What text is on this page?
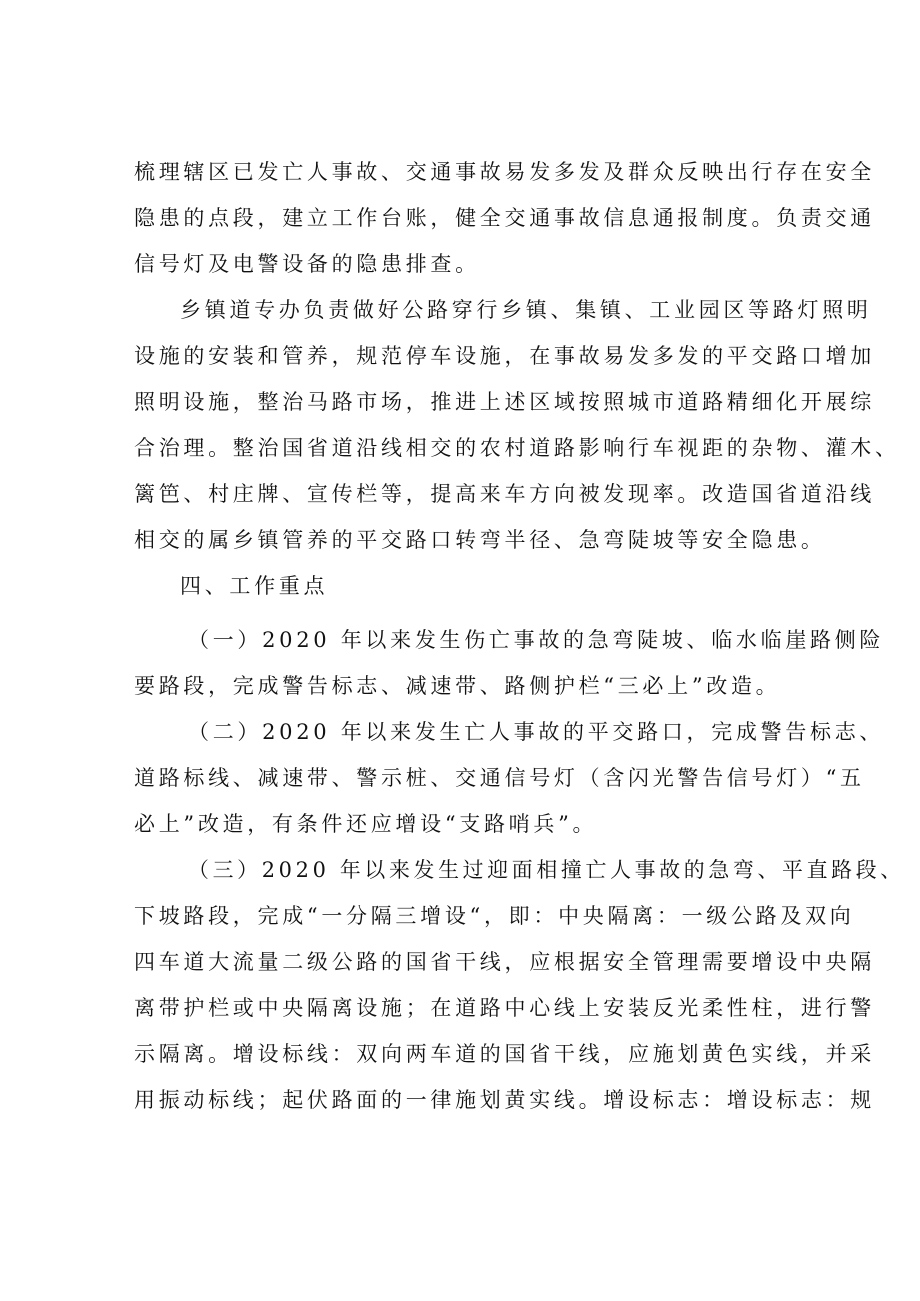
梳理辖区已发亡人事故、交通事故易发多发及群众反映出行存在安全
隐患的点段，建立工作台账，健全交通事故信息通报制度。负责交通
信号灯及电警设备的隐患排查。
乡镇道专办负责做好公路穿行乡镇、集镇、工业园区等路灯照明
设施的安装和管养，规范停车设施，在事故易发多发的平交路口增加
照明设施，整治马路市场，推进上述区域按照城市道路精细化开展综
合治理。整治国省道沿线相交的农村道路影响行车视距的杂物、灌木、
篱笆、村庄牌、宣传栏等，提高来车方向被发现率。改造国省道沿线
相交的属乡镇管养的平交路口转弯半径、急弯陡坡等安全隐患。
四、工作重点
（一）2020 年以来发生伤亡事故的急弯陡坡、临水临崖路侧险
要路段，完成警告标志、减速带、路侧护栏“三必上”改造。
（二）2020 年以来发生亡人事故的平交路口，完成警告标志、
道路标线、减速带、警示桩、交通信号灯（含闪光警告信号灯）“五
必上”改造，有条件还应增设“支路哨兵”。
（三）2020 年以来发生过迎面相撞亡人事故的急弯、平直路段、
下坡路段，完成“一分隔三增设“，即：中央隔离：一级公路及双向
四车道大流量二级公路的国省干线，应根据安全管理需要增设中央隔
离带护栏或中央隔离设施；在道路中心线上安装反光柔性柱，进行警
示隔离。增设标线：双向两车道的国省干线，应施划黄色实线，并采
用振动标线；起伏路面的一律施划黄实线。增设标志：增设标志：规
